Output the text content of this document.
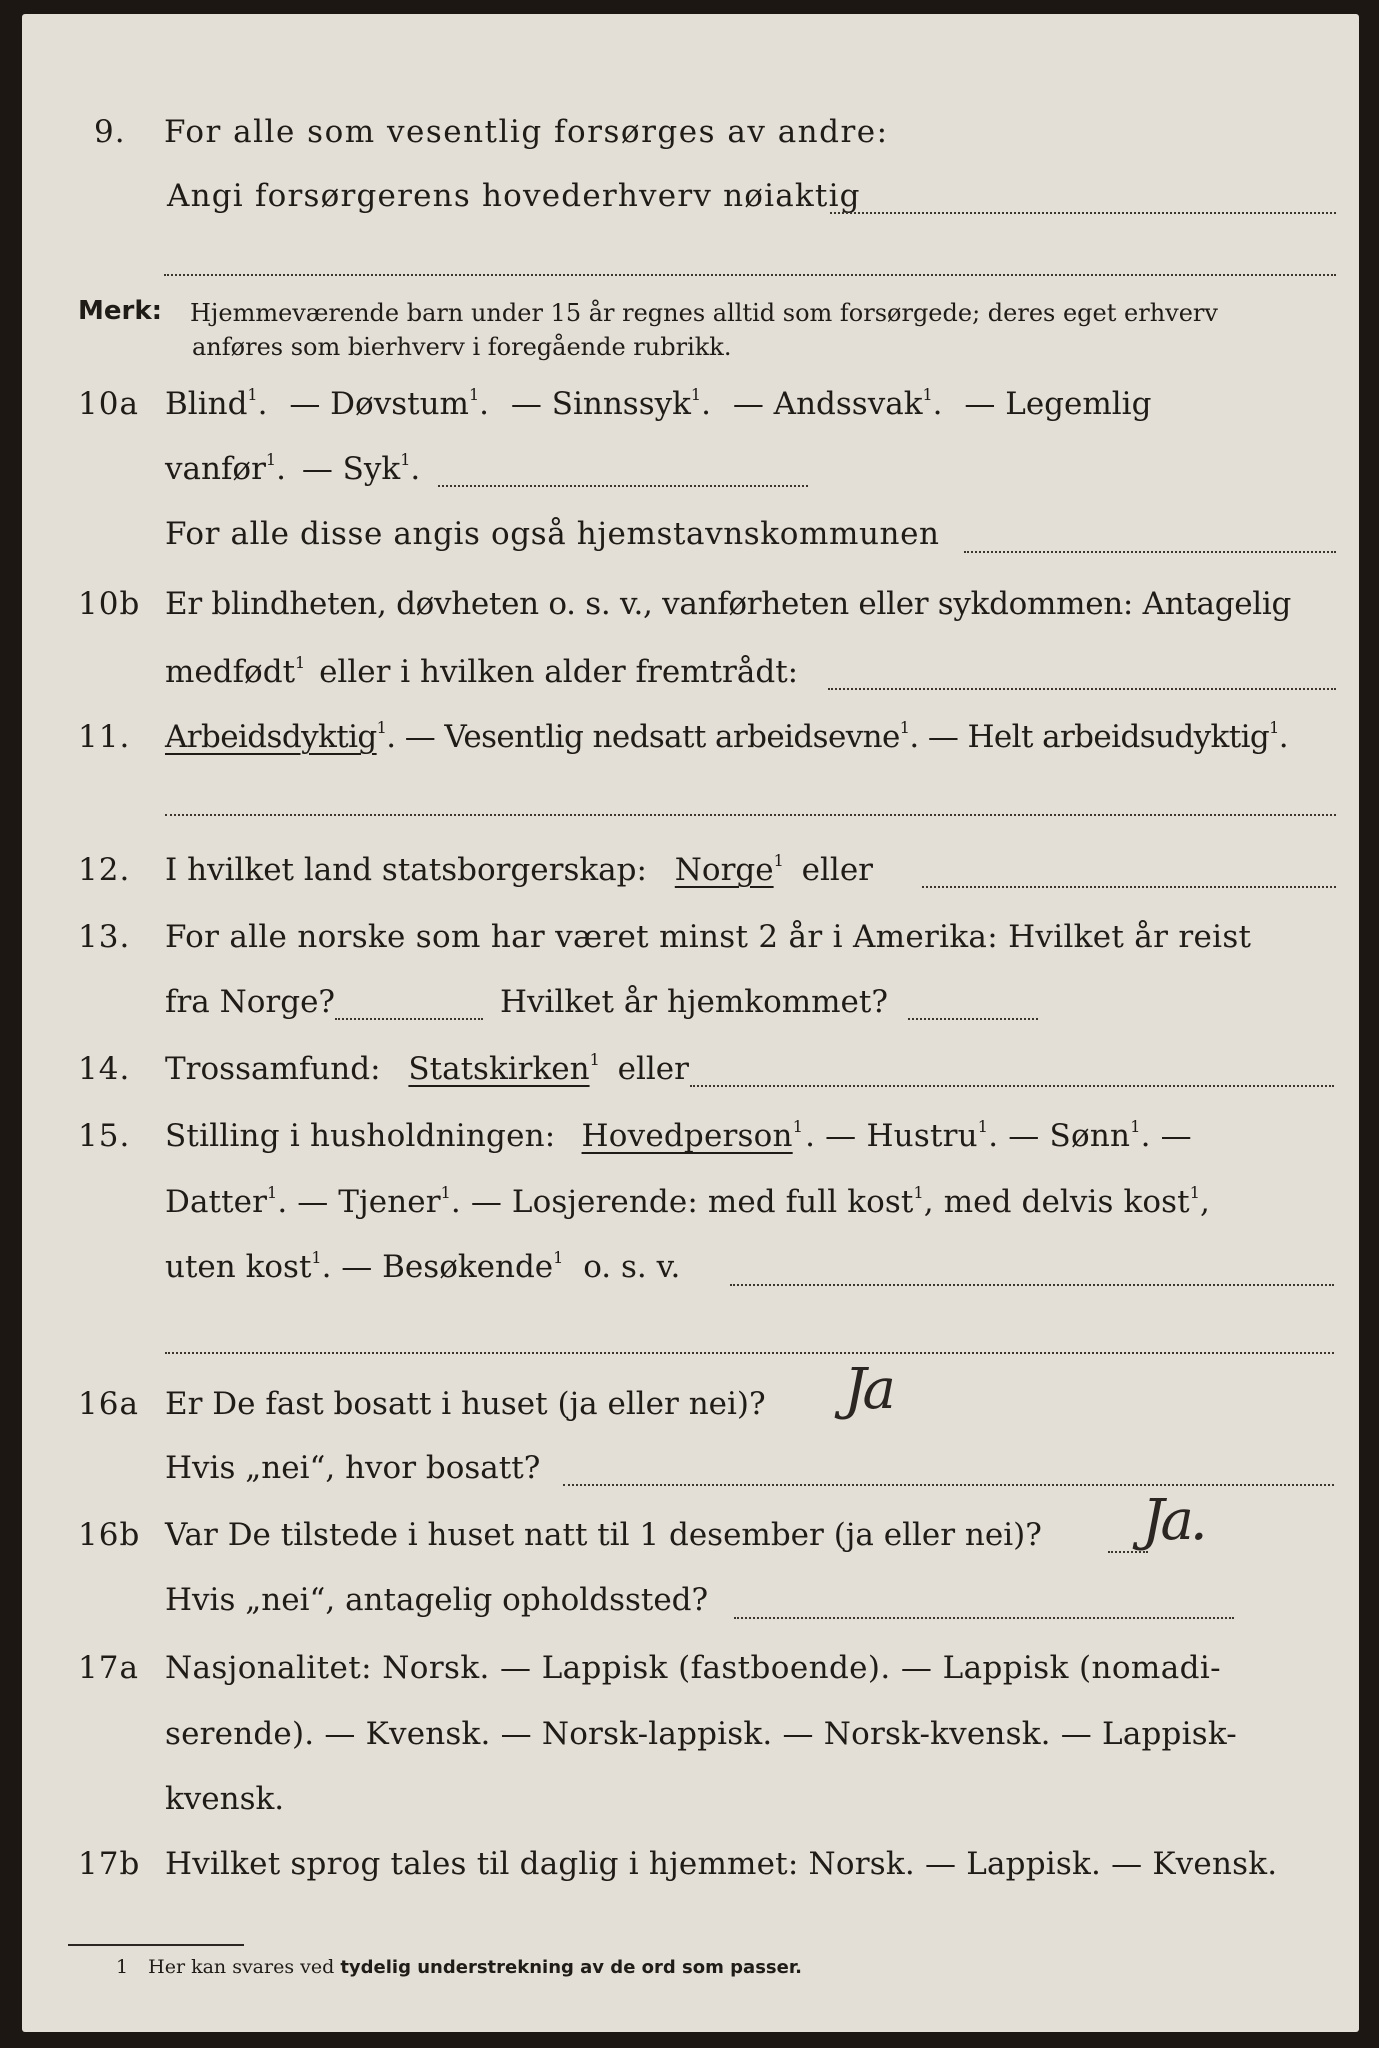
9. For alle som vesentlig forsørges av andre:
Angi forsørgerens hovederhverv nøiaktig
Merk: Hjemmeværende barn under 15 år regnes alltid som forsørgede; deres eget erhverv
anføres som bierhverv i foregående rubrikk.
10a Blind$^1$. — Døvstum$^1$. — Sinnssyk$^1$. — Andssvak$^1$. — Legemlig
vanfør$^1$. — Syk$^1$.
For alle disse angis også hjemstavnskommunen
10b Er blindheten, døvheten o. s. v., vanførheten eller sykdommen: Antagelig
medfødt$^1$ eller i hvilken alder fremtrådt:
11. Arbeidsdyktig$^1$. — Vesentlig nedsatt arbeidsevne$^1$. — Helt arbeidsudyktig$^1$.
12. I hvilket land statsborgerskap: Norge$^1$ eller
13. For alle norske som har været minst 2 år i Amerika: Hvilket år reist
fra Norge?	Hvilket år hjemkommet?
14. Trossamfund: Statskirken$^1$ eller
15. Stilling i husholdningen: Hovedperson$^1$. — Hustru$^1$. — Sønn$^1$. —
Datter$^1$. — Tjener$^1$. — Losjerende: med full kost$^1$, med delvis kost$^1$,
uten kost$^1$. — Besøkende$^1$ o. s. v.
16a Er De fast bosatt i huset (ja eller nei)? Ja
Hvis „nei“, hvor bosatt?
16b Var De tilstede i huset natt til 1 desember (ja eller nei)? Ja.
Hvis „nei“, antagelig opholdssted?
17a Nasjonalitet: Norsk. — Lappisk (fastboende). — Lappisk (nomadi-
serende). — Kvensk. — Norsk-lappisk. — Norsk-kvensk. — Lappisk-
kvensk.
17b Hvilket sprog tales til daglig i hjemmet: Norsk. — Lappisk. — Kvensk.
1 Her kan svares ved tydelig understrekning av de ord som passer.
